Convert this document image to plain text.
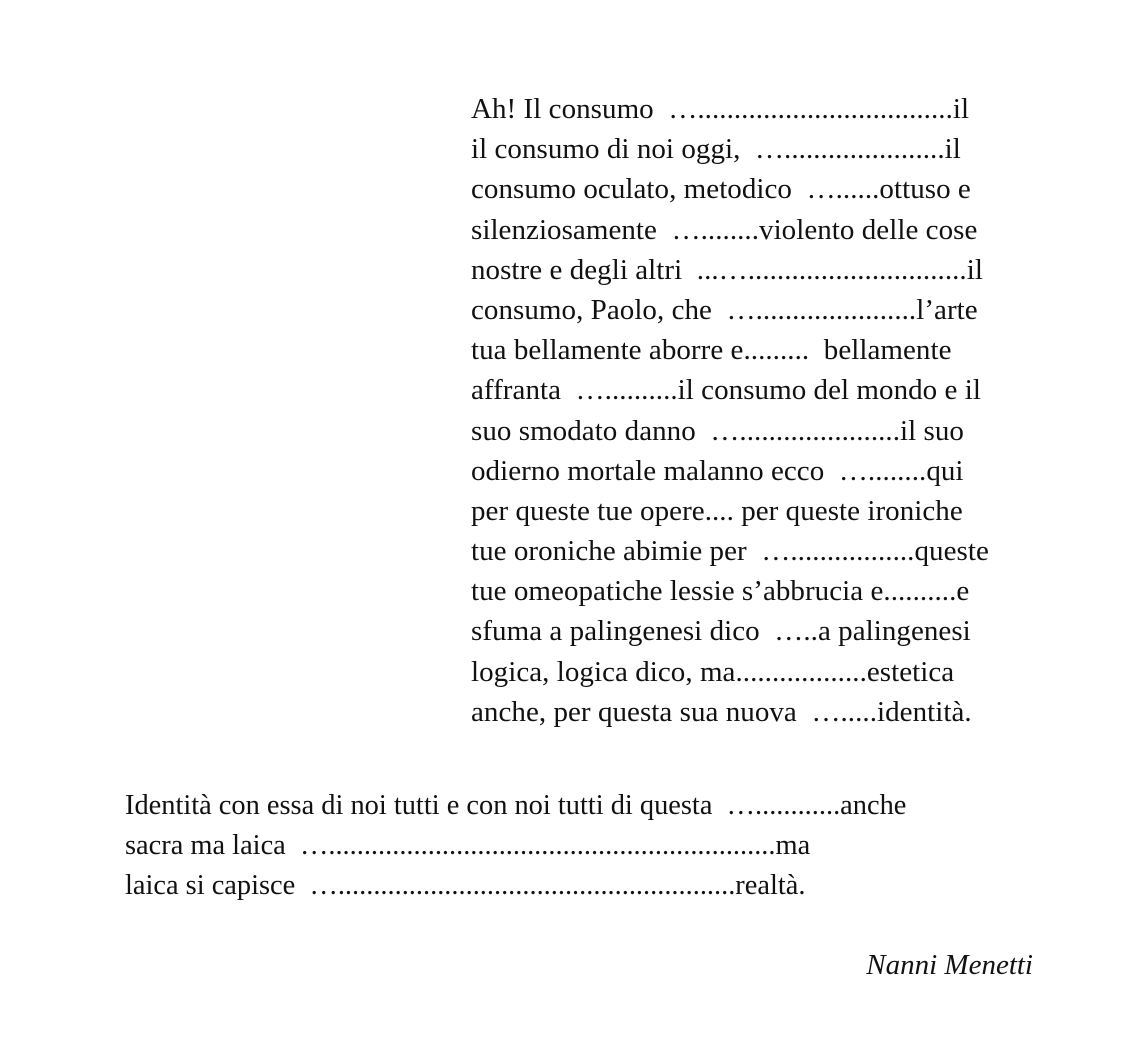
Ah! Il consumo  …...................................il
il consumo di noi oggi,  …......................il
consumo oculato, metodico  …......ottuso e
silenziosamente  …........violento delle cose
nostre e degli altri  ...…..............................il
consumo, Paolo, che  …......................l’arte
tua bellamente aborre e.........  bellamente
affranta  …..........il consumo del mondo e il
suo smodato danno  …......................il suo
odierno mortale malanno ecco  …........qui
per queste tue opere.... per queste ironiche
tue oroniche abimie per  ….................queste
tue omeopatiche lessie s’abbrucia e..........e
sfuma a palingenesi dico  …..a palingenesi
logica, logica dico, ma..................estetica
anche, per questa sua nuova  ….....identità.
Identità con essa di noi tutti e con noi tutti di questa  …............anche
sacra ma laica  …...............................................................ma
laica si capisce  …........................................................realtà.
Nanni Menetti
